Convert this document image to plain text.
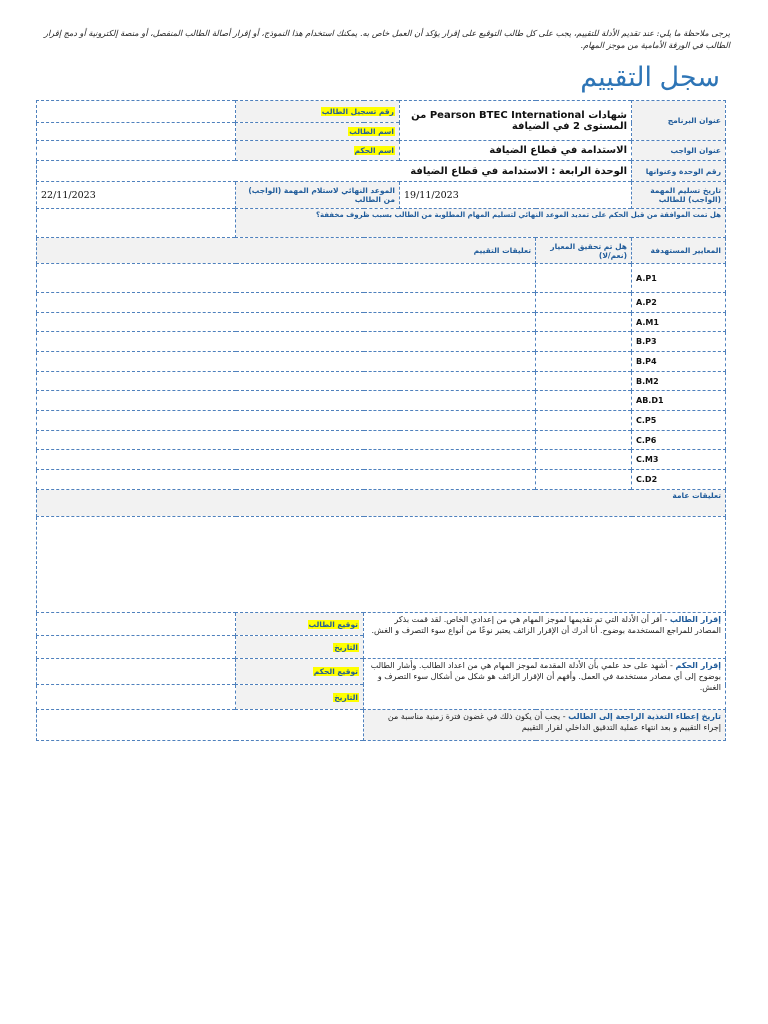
يرجى ملاحظة ما يلي: عند تقديم الأدلة للتقييم، يجب على كل طالب التوقيع على إقرار يؤكد أن العمل خاص به. يمكنك استخدام هذا النموذج، أو إقرار أصالة الطالب المنفصل، أو منصة إلكترونية أو دمج إقرار الطالب في الورقة الأمامية من موجز المهام.
سجل التقييم
عنوان البرنامج	شهادات Pearson BTEC International من المستوى 2 في الضيافة		رقم تسجيل الطالب		
			اسم الطالب		
عنوان الواجب	الاستدامة في قطاع الضيافة		اسم الحكم		
رقم الوحدة وعنوانها	الوحدة الرابعة : الاستدامة في قطاع الضيافة				
تاريخ تسليم المهمة (الواجب) للطالب	19/11/2023		الموعد النهائي لاستلام المهمة (الواجب) من الطالب		22/11/2023
هل تمت الموافقة من قبل الحكم على تمديد الموعد النهائي لتسليم المهام المطلوبة من الطالب بسبب ظروف مخففة؟					
المعايير المستهدفة	هل تم تحقيق المعيار (نعم/لا)	تعليقات التقييم			
A.P1					
A.P2					
A.M1					
B.P3					
B.P4					
B.M2					
AB.D1					
C.P5					
C.P6					
C.M3					
C.D2					
تعليقات عامة					

إقرار الطالب - أقر أن الأدلة التي تم تقديمها لموجز المهام هي من إعدادي الخاص. لقد قمت بذكر المصادر للمراجع المستخدمة بوضوح. أنا أدرك أن الإقرار الزائف يعتبر نوعًا من أنواع سوء التصرف و الغش.				توقيع الطالب	
				التاريخ	

إقرار الحكم - أشهد على حد علمي بأن الأدلة المقدمة لموجز المهام هي من اعداد الطالب. وأشار الطالب بوضوح إلى أي مصادر مستخدمة في العمل. وأفهم أن الإقرار الزائف هو شكل من أشكال سوء التصرف و الغش.				توقيع الحكم	
				التاريخ	

تاريخ إعطاء التغذية الراجعة إلى الطالب - يجب أن يكون ذلك في غضون فترة زمنية مناسبة من إجراء التقييم و بعد انتهاء عملية التدقيق الداخلي لقرار التقييم					
